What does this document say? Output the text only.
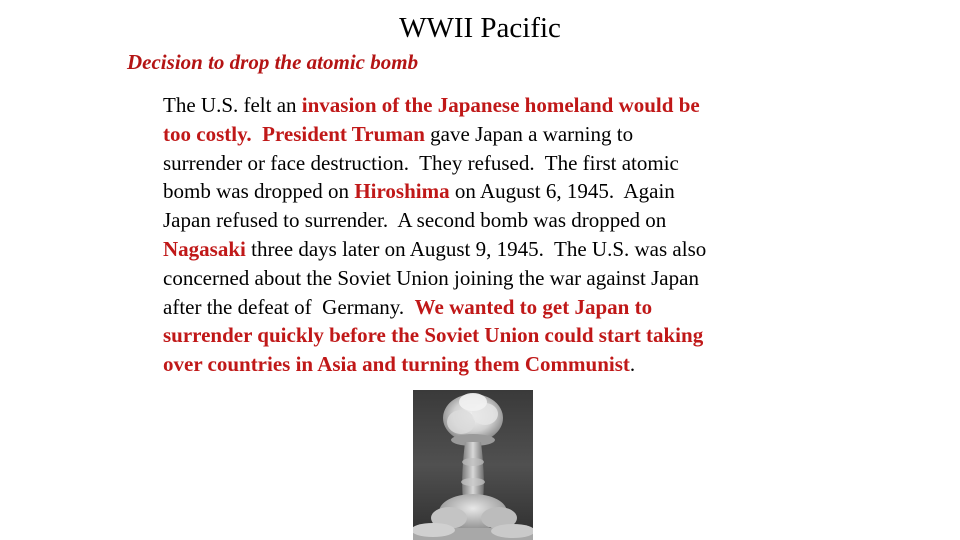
WWII Pacific
Decision to drop the atomic bomb
The U.S. felt an invasion of the Japanese homeland would be
too costly. President Truman gave Japan a warning to
surrender or face destruction.  They refused.  The first atomic
bomb was dropped on Hiroshima on August 6, 1945.  Again
Japan refused to surrender.  A second bomb was dropped on
Nagasaki three days later on August 9, 1945.  The U.S. was also
concerned about the Soviet Union joining the war against Japan
after the defeat of  Germany.  We wanted to get Japan to
surrender quickly before the Soviet Union could start taking
over countries in Asia and turning them Communist.
